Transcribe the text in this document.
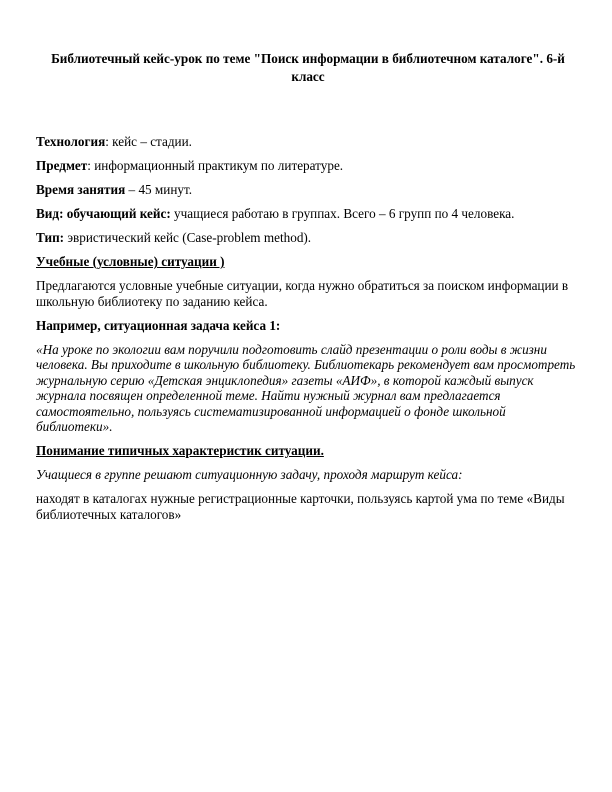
Библиотечный кейс-урок по теме "Поиск информации в библиотечном каталоге". 6-й класс

Технология: кейс – стадии.

Предмет: информационный практикум по литературе.

Время занятия – 45 минут.

Вид: обучающий кейс: учащиеся работаю в группах. Всего – 6 групп по 4 человека.

Тип: эвристический кейс (Case-problem method).

Учебные (условные) ситуации )

Предлагаются условные учебные ситуации, когда нужно обратиться за поиском информации в школьную библиотеку по заданию кейса.

Например, ситуационная задача кейса 1:

«На уроке по экологии вам поручили подготовить слайд презентации о роли воды в жизни человека. Вы приходите в школьную библиотеку. Библиотекарь рекомендует вам просмотреть журнальную серию «Детская энциклопедия» газеты «АИФ», в которой каждый выпуск журнала посвящен определенной теме. Найти нужный журнал вам предлагается самостоятельно, пользуясь систематизированной информацией о фонде школьной библиотеки».

Понимание типичных характеристик ситуации.

Учащиеся в группе решают ситуационную задачу, проходя маршрут кейса:

находят в каталогах нужные регистрационные карточки, пользуясь картой ума по теме «Виды библиотечных каталогов»
